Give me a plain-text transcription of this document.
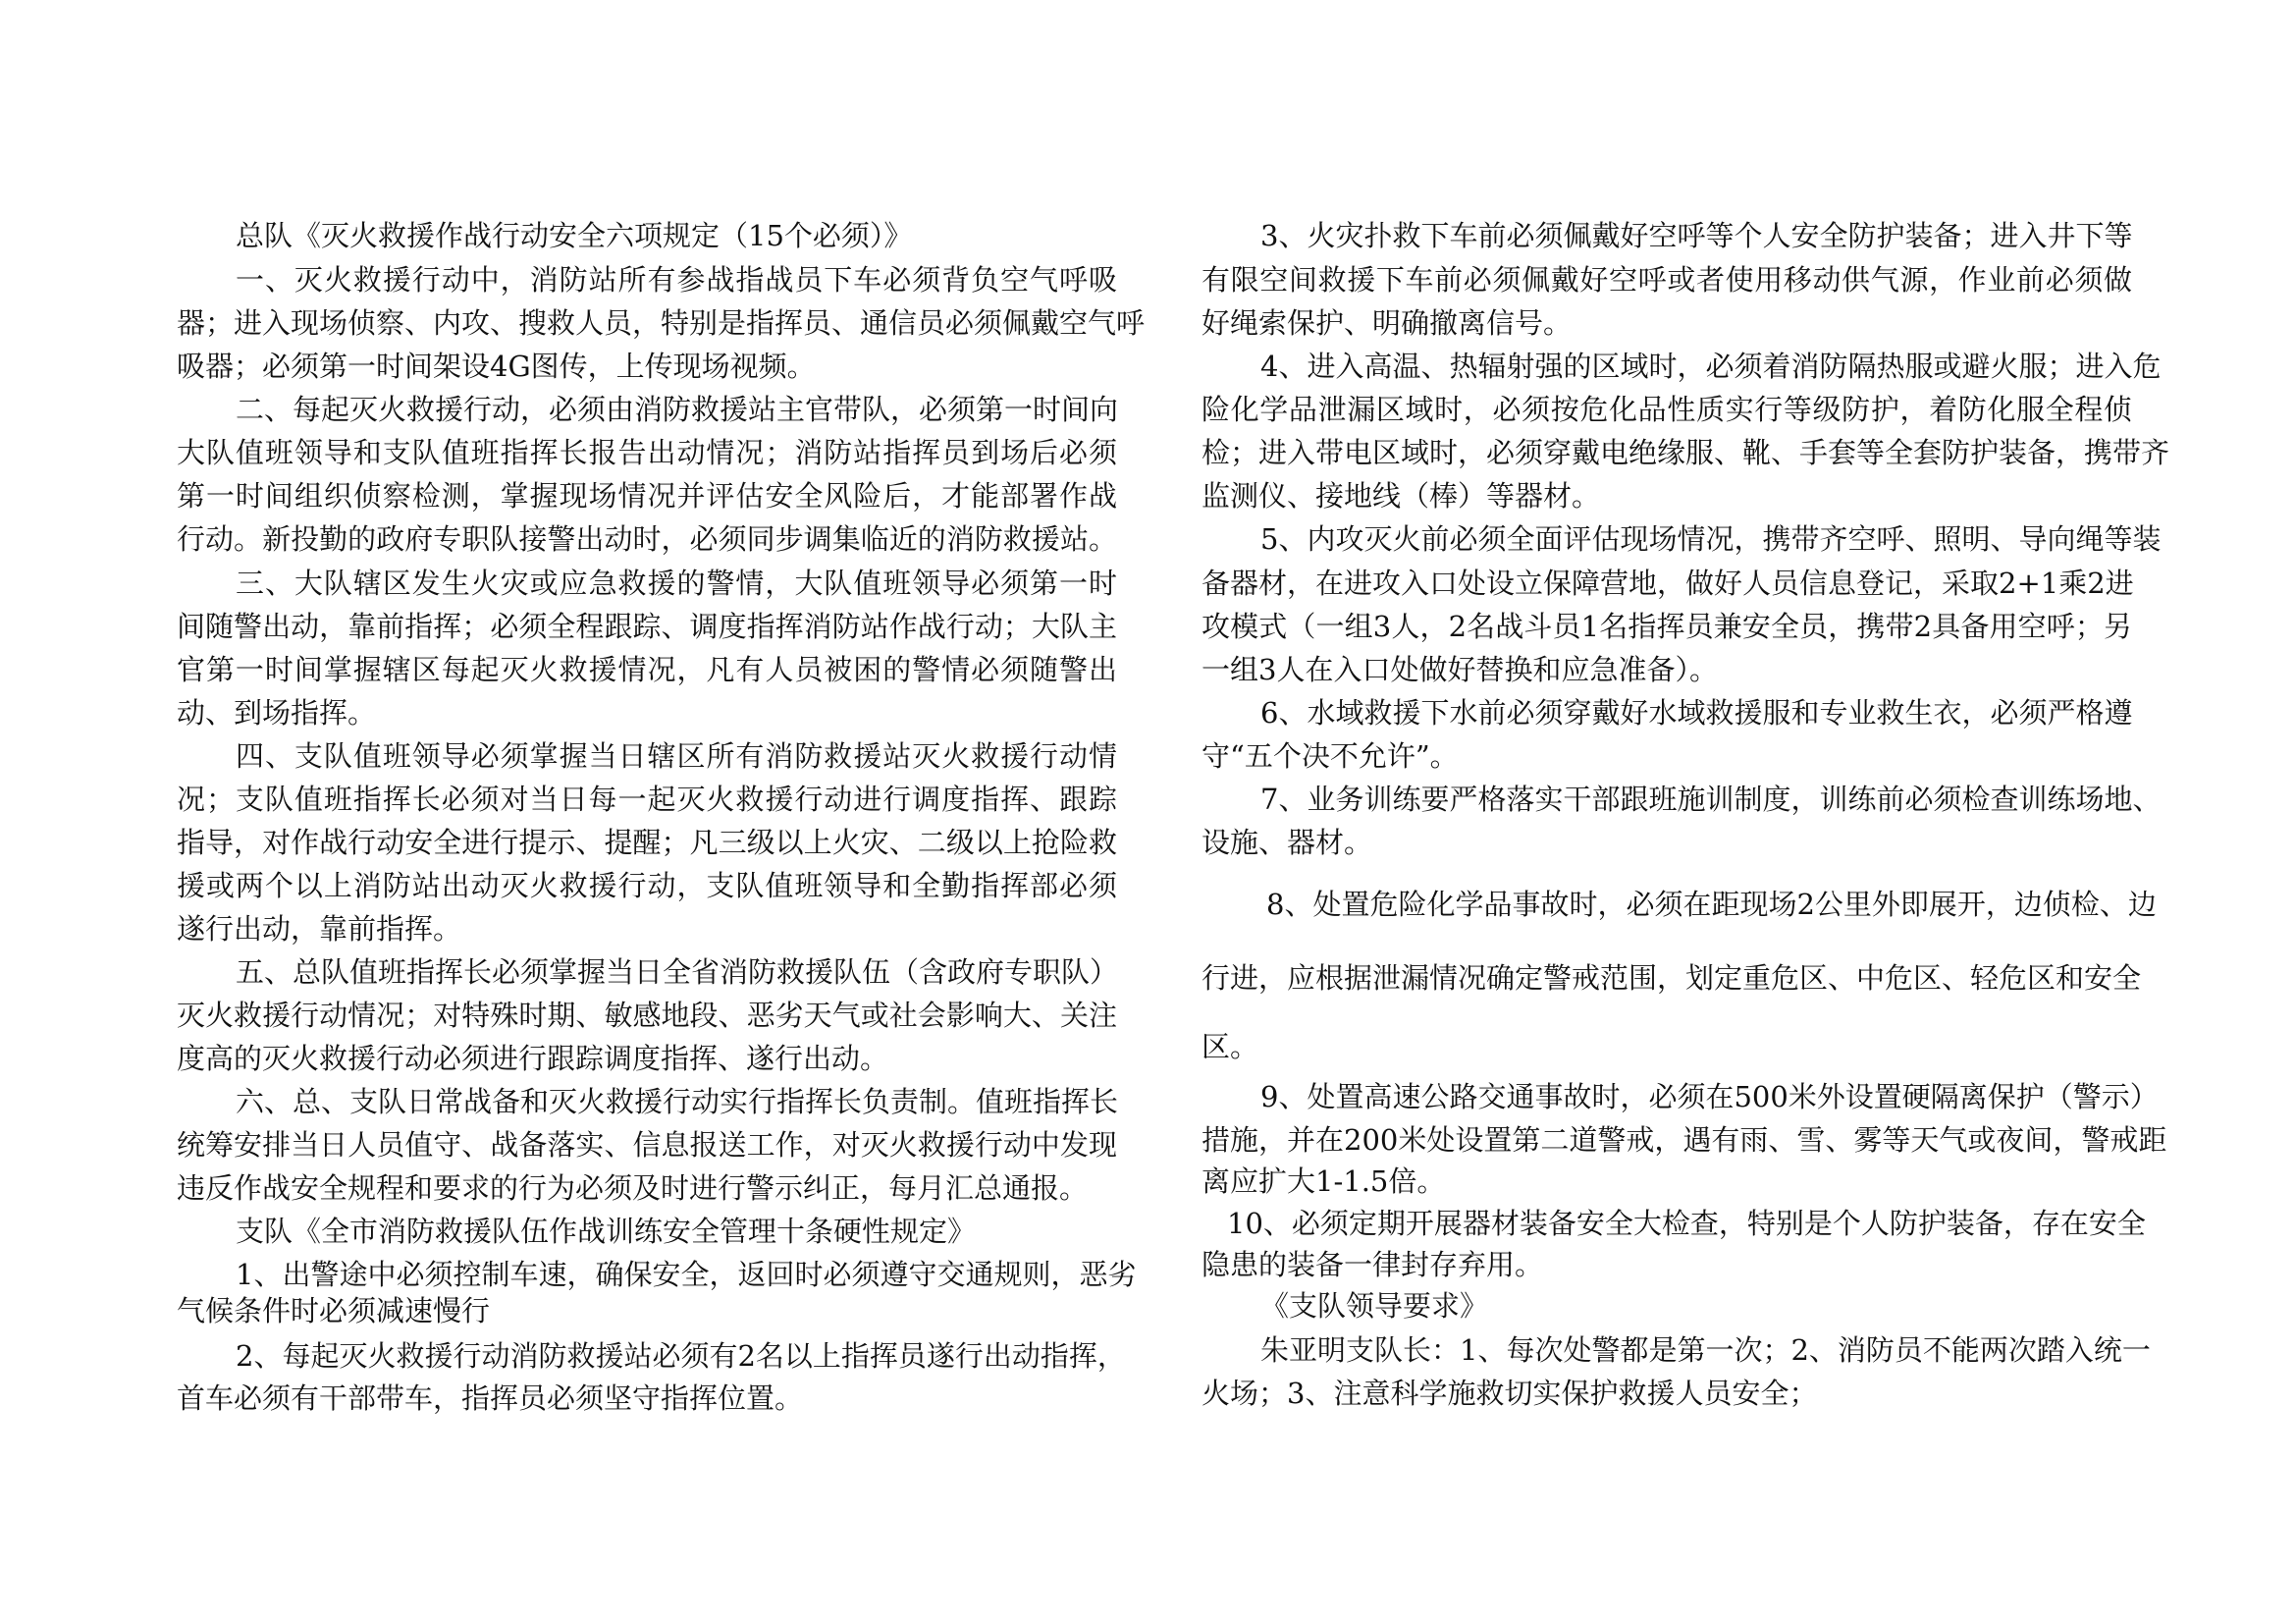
总队《灭火救援作战行动安全六项规定（15个必须）》
一、灭火救援行动中，消防站所有参战指战员下车必须背负空气呼吸
器；进入现场侦察、内攻、搜救人员，特别是指挥员、通信员必须佩戴空气呼
吸器；必须第一时间架设4G图传，上传现场视频。
二、每起灭火救援行动，必须由消防救援站主官带队，必须第一时间向
大队值班领导和支队值班指挥长报告出动情况；消防站指挥员到场后必须
第一时间组织侦察检测，掌握现场情况并评估安全风险后，才能部署作战
行动。新投勤的政府专职队接警出动时，必须同步调集临近的消防救援站。
三、大队辖区发生火灾或应急救援的警情，大队值班领导必须第一时
间随警出动，靠前指挥；必须全程跟踪、调度指挥消防站作战行动；大队主
官第一时间掌握辖区每起灭火救援情况，凡有人员被困的警情必须随警出
动、到场指挥。
四、支队值班领导必须掌握当日辖区所有消防救援站灭火救援行动情
况；支队值班指挥长必须对当日每一起灭火救援行动进行调度指挥、跟踪
指导，对作战行动安全进行提示、提醒；凡三级以上火灾、二级以上抢险救
援或两个以上消防站出动灭火救援行动，支队值班领导和全勤指挥部必须
遂行出动，靠前指挥。
五、总队值班指挥长必须掌握当日全省消防救援队伍（含政府专职队）
灭火救援行动情况；对特殊时期、敏感地段、恶劣天气或社会影响大、关注
度高的灭火救援行动必须进行跟踪调度指挥、遂行出动。
六、总、支队日常战备和灭火救援行动实行指挥长负责制。值班指挥长
统筹安排当日人员值守、战备落实、信息报送工作，对灭火救援行动中发现
违反作战安全规程和要求的行为必须及时进行警示纠正，每月汇总通报。
支队《全市消防救援队伍作战训练安全管理十条硬性规定》
1、出警途中必须控制车速，确保安全，返回时必须遵守交通规则，恶劣
气候条件时必须减速慢行
2、每起灭火救援行动消防救援站必须有2名以上指挥员遂行出动指挥，
首车必须有干部带车，指挥员必须坚守指挥位置。
3、火灾扑救下车前必须佩戴好空呼等个人安全防护装备；进入井下等
有限空间救援下车前必须佩戴好空呼或者使用移动供气源，作业前必须做
好绳索保护、明确撤离信号。
4、进入高温、热辐射强的区域时，必须着消防隔热服或避火服；进入危
险化学品泄漏区域时，必须按危化品性质实行等级防护，着防化服全程侦
检；进入带电区域时，必须穿戴电绝缘服、靴、手套等全套防护装备，携带齐
监测仪、接地线（棒）等器材。
5、内攻灭火前必须全面评估现场情况，携带齐空呼、照明、导向绳等装
备器材，在进攻入口处设立保障营地，做好人员信息登记，采取2+1乘2进
攻模式（一组3人，2名战斗员1名指挥员兼安全员，携带2具备用空呼；另
一组3人在入口处做好替换和应急准备）。
6、水域救援下水前必须穿戴好水域救援服和专业救生衣，必须严格遵
守“五个决不允许”。
7、业务训练要严格落实干部跟班施训制度，训练前必须检查训练场地、
设施、器材。
8、处置危险化学品事故时，必须在距现场2公里外即展开，边侦检、边
行进，应根据泄漏情况确定警戒范围，划定重危区、中危区、轻危区和安全
区。
9、处置高速公路交通事故时，必须在500米外设置硬隔离保护（警示）
措施，并在200米处设置第二道警戒，遇有雨、雪、雾等天气或夜间，警戒距
离应扩大1-1.5倍。
10、必须定期开展器材装备安全大检查，特别是个人防护装备，存在安全
隐患的装备一律封存弃用。
《支队领导要求》
朱亚明支队长：1、每次处警都是第一次；2、消防员不能两次踏入统一
火场；3、注意科学施救切实保护救援人员安全；
